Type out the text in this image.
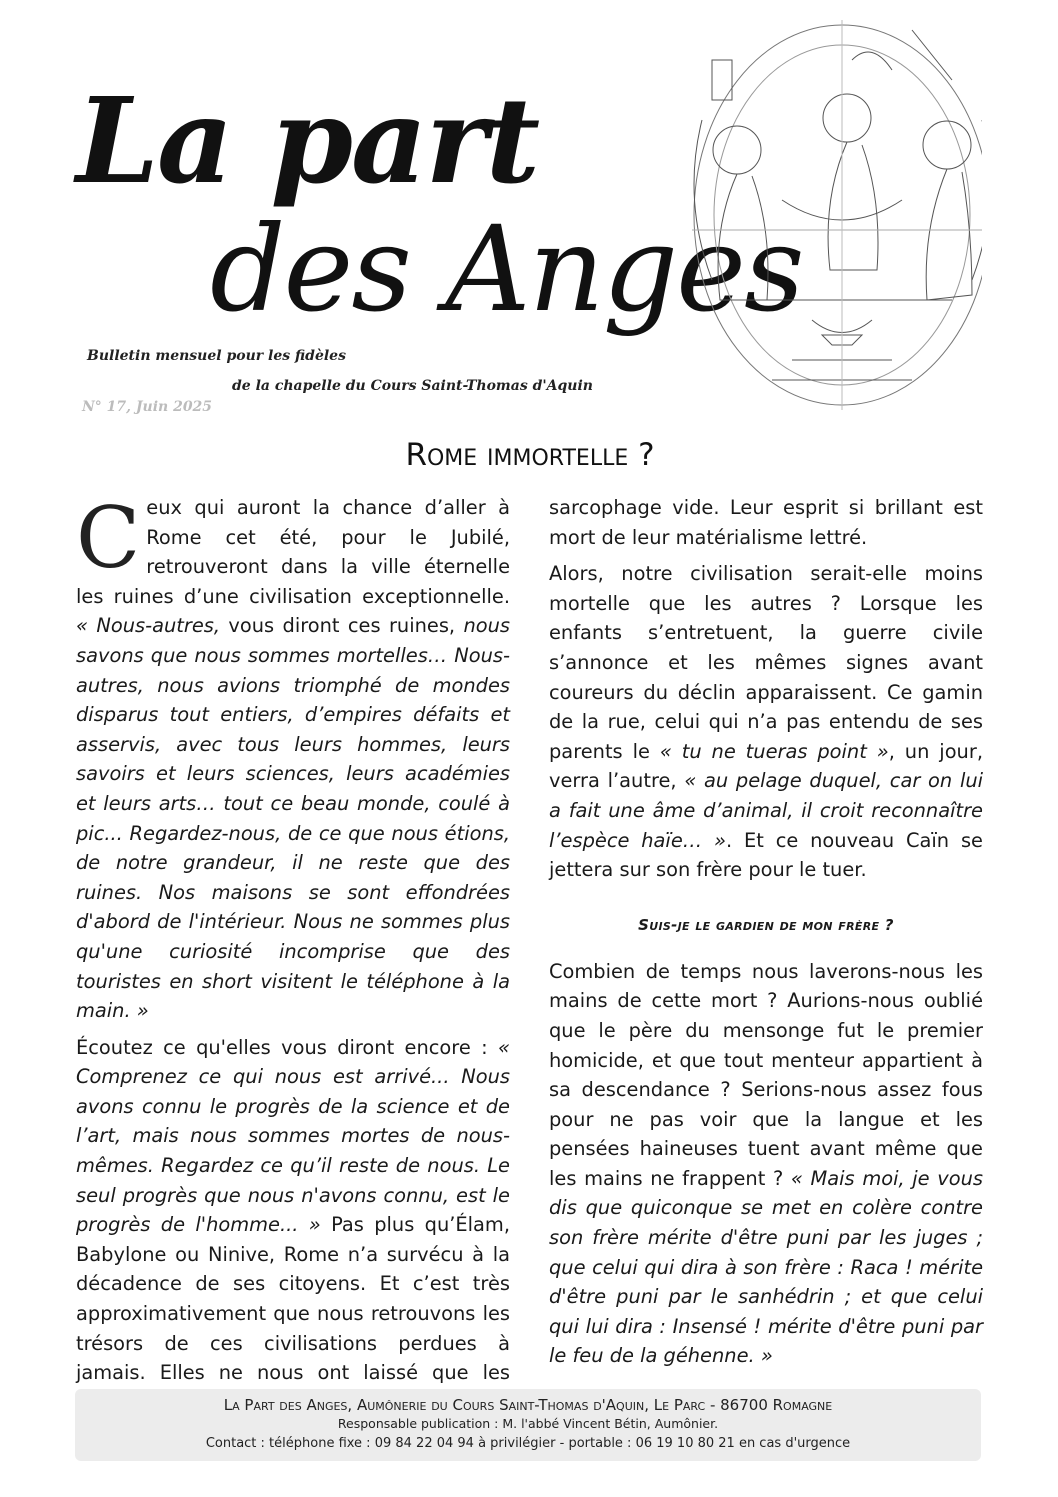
La part
des Anges
Bulletin mensuel pour les fidèles
de la chapelle du Cours Saint-Thomas d'Aquin
N° 17, Juin 2025
Rome immortelle ?

Ceux qui auront la chance d’aller à Rome cet été, pour le Jubilé, retrouveront dans la ville éternelle les ruines d’une civilisation exceptionnelle. « Nous-autres, vous diront ces ruines, nous savons que nous sommes mortelles… Nous-autres, nous avions triomphé de mondes disparus tout entiers, d’empires défaits et asservis, avec tous leurs hommes, leurs savoirs et leurs sciences, leurs académies et leurs arts… tout ce beau monde, coulé à pic... Regardez-nous, de ce que nous étions, de notre grandeur, il ne reste que des ruines. Nos maisons se sont effondrées d'abord de l'intérieur. Nous ne sommes plus qu'une curiosité incomprise que des touristes en short visitent le téléphone à la main. »

Écoutez ce qu'elles vous diront encore : « Comprenez ce qui nous est arrivé... Nous avons connu le progrès de la science et de l’art, mais nous sommes mortes de nous-mêmes. Regardez ce qu’il reste de nous. Le seul progrès que nous n'avons connu, est le progrès de l'homme... » Pas plus qu’Élam, Babylone ou Ninive, Rome n’a survécu à la décadence de ses citoyens. Et c’est très approximativement que nous retrouvons les trésors de ces civilisations perdues à jamais. Elles ne nous ont laissé que les

sarcophage vide. Leur esprit si brillant est mort de leur matérialisme lettré.

Alors, notre civilisation serait-elle moins mortelle que les autres ? Lorsque les enfants s’entretuent, la guerre civile s’annonce et les mêmes signes avant coureurs du déclin apparaissent. Ce gamin de la rue, celui qui n’a pas entendu de ses parents le « tu ne tueras point », un jour, verra l’autre, « au pelage duquel, car on lui a fait une âme d’animal, il croit reconnaître l’espèce haïe… ». Et ce nouveau Caïn se jettera sur son frère pour le tuer.

Suis-je le gardien de mon frère ?

Combien de temps nous laverons-nous les mains de cette mort ? Aurions-nous oublié que le père du mensonge fut le premier homicide, et que tout menteur appartient à sa descendance ? Serions-nous assez fous pour ne pas voir que la langue et les pensées haineuses tuent avant même que les mains ne frappent ? « Mais moi, je vous dis que quiconque se met en colère contre son frère mérite d'être puni par les juges ; que celui qui dira à son frère : Raca ! mérite d'être puni par le sanhédrin ; et que celui qui lui dira : Insensé ! mérite d'être puni par le feu de la géhenne. »

La Part des Anges, Aumônerie du Cours Saint-Thomas d'Aquin, Le Parc - 86700 Romagne
Responsable publication : M. l'abbé Vincent Bétin, Aumônier.
Contact : téléphone fixe : 09 84 22 04 94 à privilégier - portable : 06 19 10 80 21 en cas d'urgence
